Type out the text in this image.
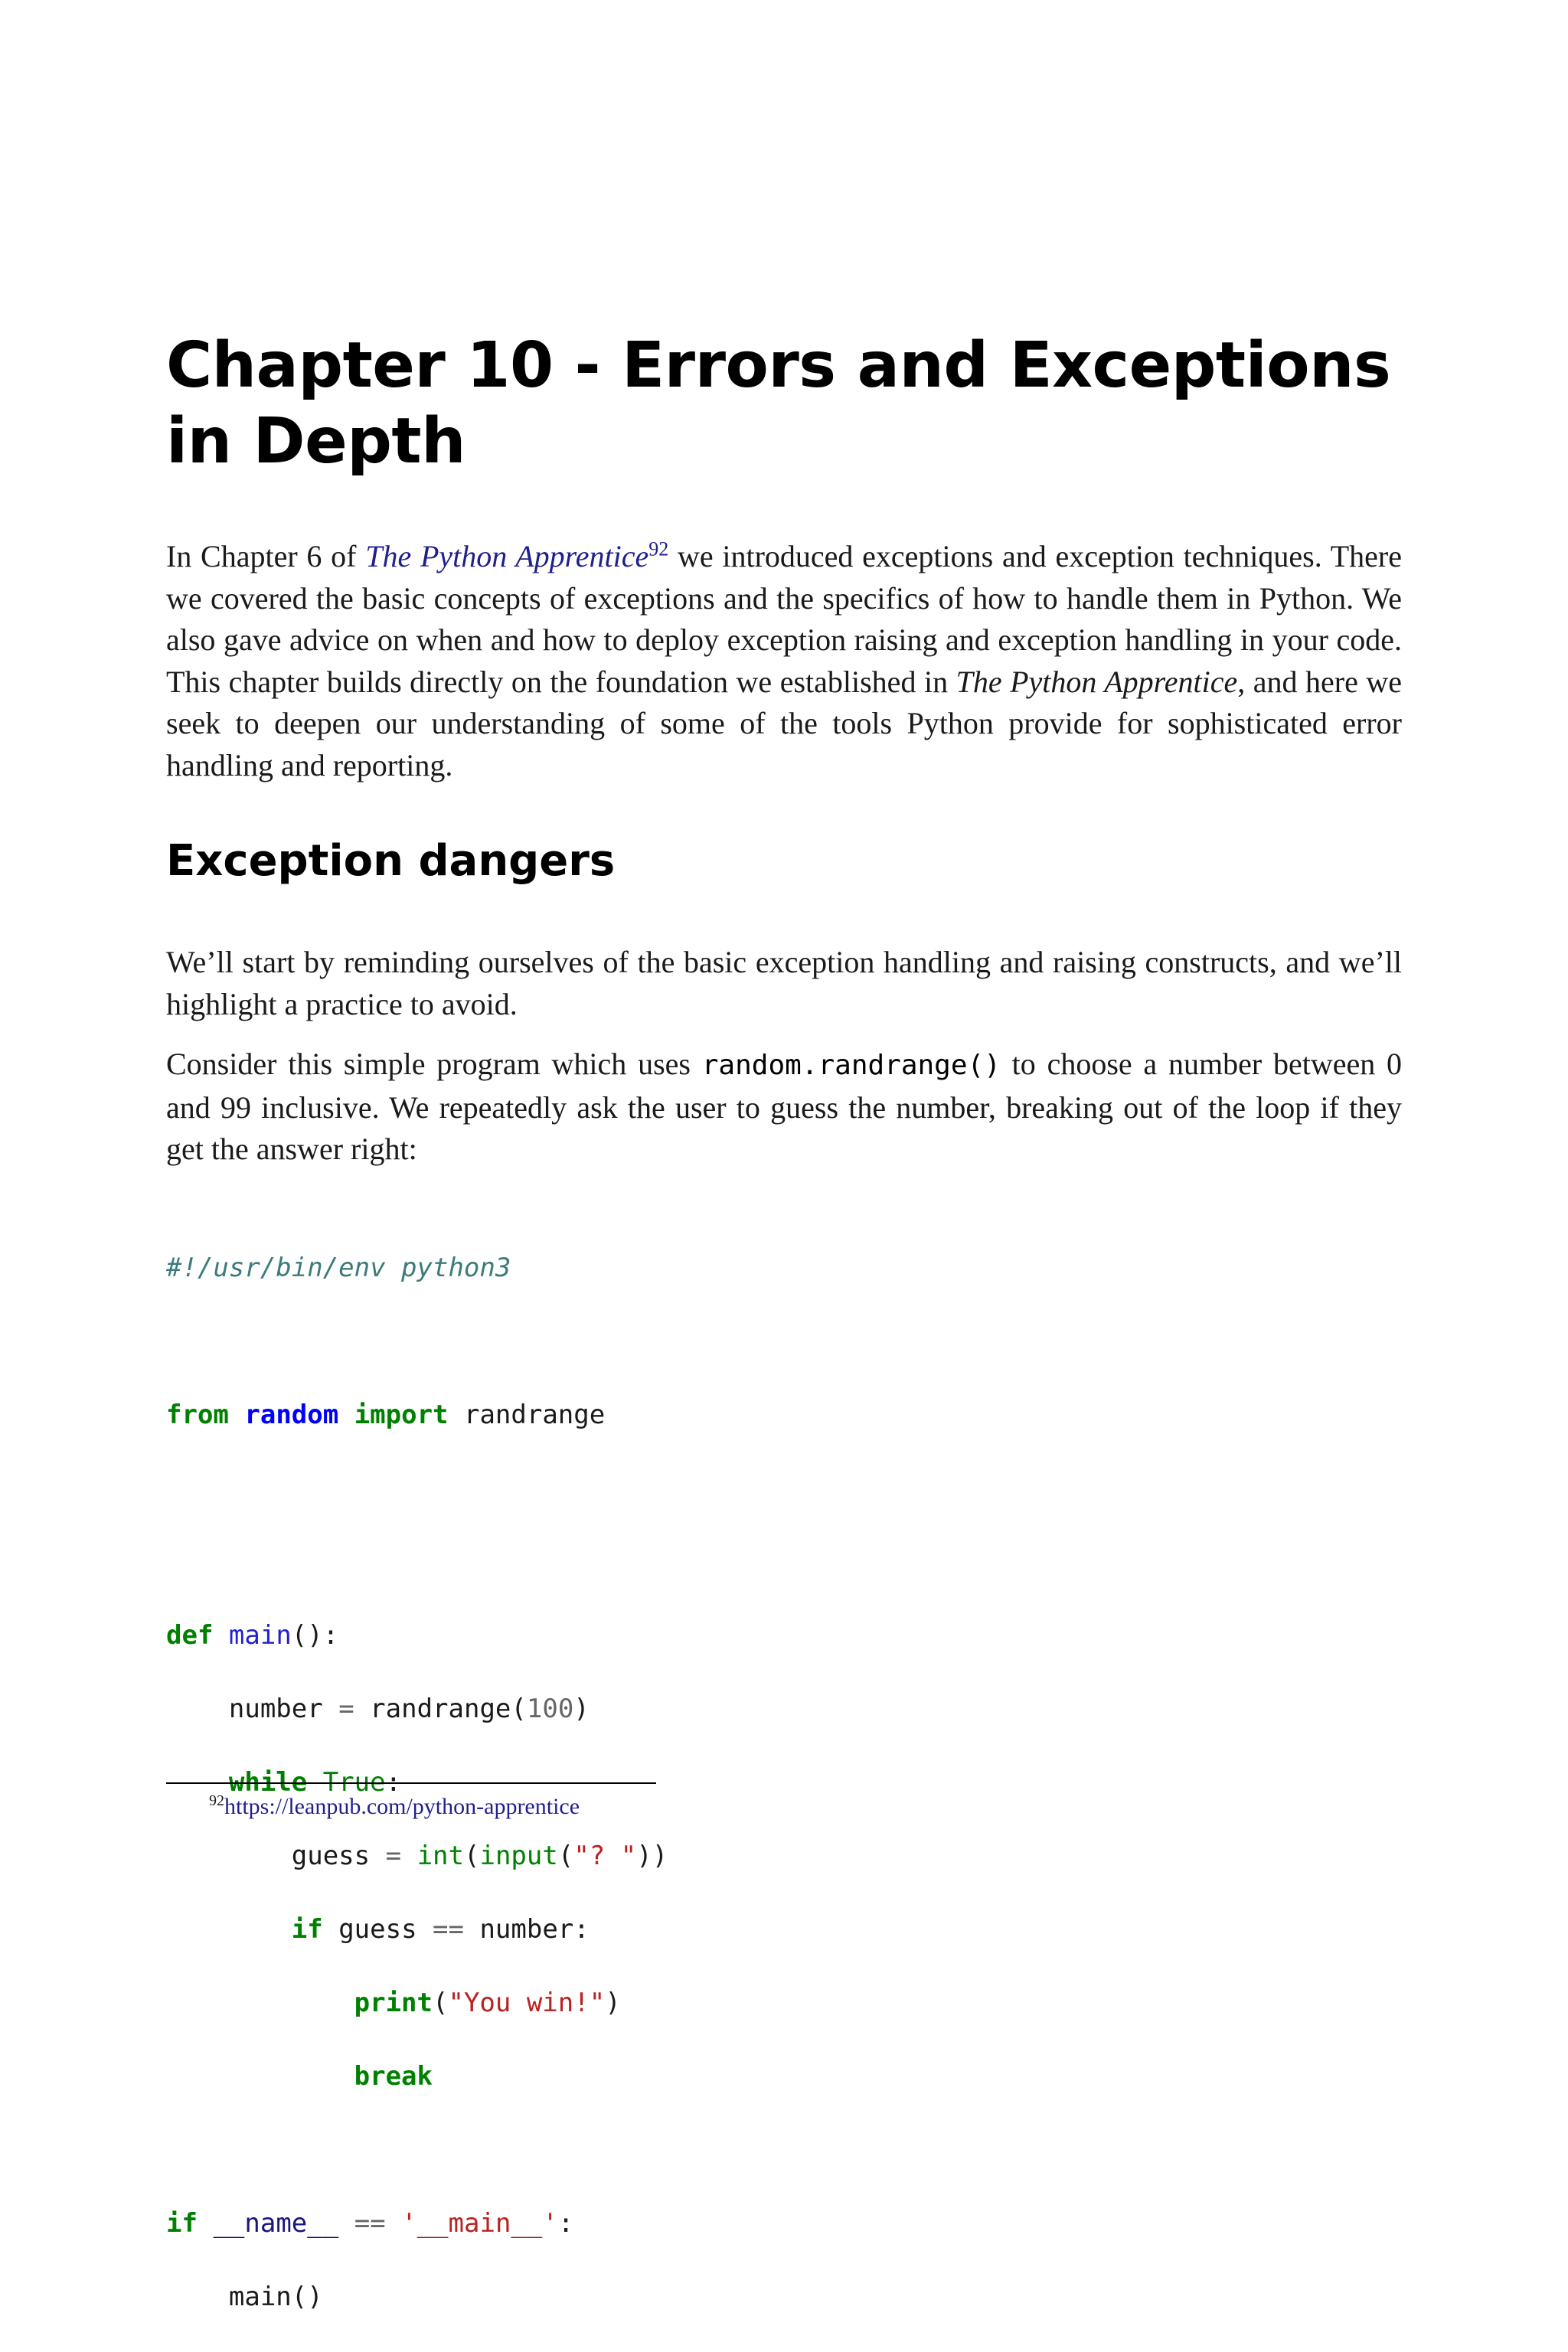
Chapter 10 - Errors and Exceptions in Depth

In Chapter 6 of The Python Apprentice$^{92}$ we introduced exceptions and exception techniques. There we covered the basic concepts of exceptions and the specifics of how to handle them in Python. We also gave advice on when and how to deploy exception raising and exception handling in your code. This chapter builds directly on the foundation we established in The Python Apprentice, and here we seek to deepen our understanding of some of the tools Python provide for sophisticated error handling and reporting.

Exception dangers

We’ll start by reminding ourselves of the basic exception handling and raising constructs, and we’ll highlight a practice to avoid.

Consider this simple program which uses random.randrange() to choose a number between 0 and 99 inclusive. We repeatedly ask the user to guess the number, breaking out of the loop if they get the answer right:

#!/usr/bin/env python3

from random import randrange

def main():

number = randrange(100)

while True:

guess = int(input("? "))

if guess == number:

print("You win!")

break

if __name__ == '__main__':

main()

$^{92}$https://leanpub.com/python-apprentice
